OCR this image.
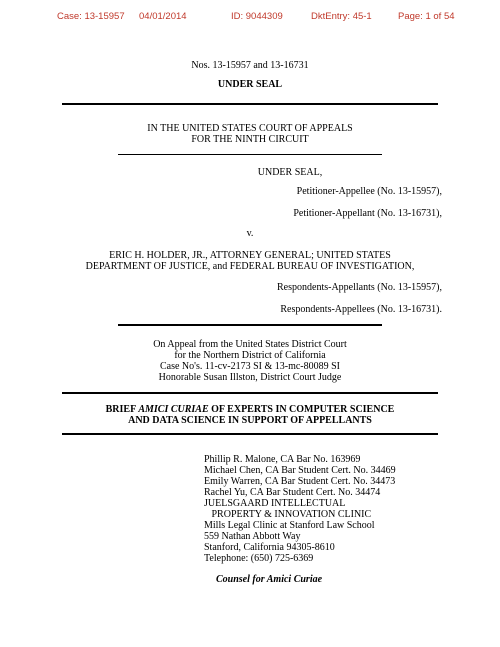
Case: 13-15957 04/01/2014	ID: 9044309	DktEntry: 45-1	Page: 1 of 54
Nos. 13-15957 and 13-16731
UNDER SEAL
IN THE UNITED STATES COURT OF APPEALS
FOR THE NINTH CIRCUIT
UNDER SEAL,
Petitioner-Appellee (No. 13-15957),
Petitioner-Appellant (No. 13-16731),
v.
ERIC H. HOLDER, JR., ATTORNEY GENERAL; UNITED STATES
DEPARTMENT OF JUSTICE, and FEDERAL BUREAU OF INVESTIGATION,
Respondents-Appellants (No. 13-15957),
Respondents-Appellees (No. 13-16731).
On Appeal from the United States District Court
for the Northern District of California
Case No's. 11-cv-2173 SI & 13-mc-80089 SI
Honorable Susan Illston, District Court Judge
BRIEF AMICI CURIAE OF EXPERTS IN COMPUTER SCIENCE
AND DATA SCIENCE IN SUPPORT OF APPELLANTS
Phillip R. Malone, CA Bar No. 163969
Michael Chen, CA Bar Student Cert. No. 34469
Emily Warren, CA Bar Student Cert. No. 34473
Rachel Yu, CA Bar Student Cert. No. 34474
JUELSGAARD INTELLECTUAL
PROPERTY & INNOVATION CLINIC
Mills Legal Clinic at Stanford Law School
559 Nathan Abbott Way
Stanford, California 94305-8610
Telephone: (650) 725-6369
Counsel for Amici Curiae
